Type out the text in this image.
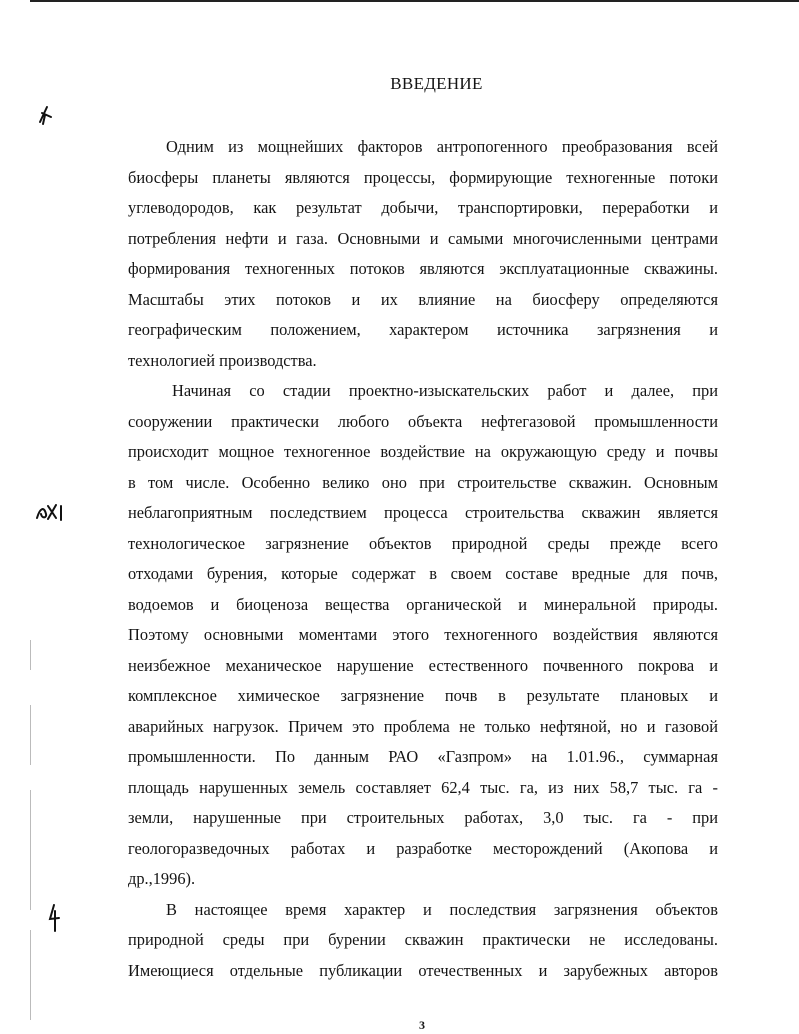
ВВЕДЕНИЕ
Одним из мощнейших факторов антропогенного преобразования всей
биосферы планеты являются процессы, формирующие техногенные потоки
углеводородов, как результат добычи, транспортировки, переработки и
потребления нефти и газа. Основными и самыми многочисленными центрами
формирования техногенных потоков являются эксплуатационные скважины.
Масштабы этих потоков и их влияние на биосферу определяются
географическим положением, характером источника загрязнения и
технологией производства.
Начиная со стадии проектно-изыскательских работ и далее, при
сооружении практически любого объекта нефтегазовой промышленности
происходит мощное техногенное воздействие на окружающую среду и почвы
в том числе. Особенно велико оно при строительстве скважин. Основным
неблагоприятным последствием процесса строительства скважин является
технологическое загрязнение объектов природной среды прежде всего
отходами бурения, которые содержат в своем составе вредные для почв,
водоемов и биоценоза вещества органической и минеральной природы.
Поэтому основными моментами этого техногенного воздействия являются
неизбежное механическое нарушение естественного почвенного покрова и
комплексное химическое загрязнение почв в результате плановых и
аварийных нагрузок. Причем это проблема не только нефтяной, но и газовой
промышленности. По данным РАО «Газпром» на 1.01.96., суммарная
площадь нарушенных земель составляет 62,4 тыс. га, из них 58,7 тыс. га -
земли, нарушенные при строительных работах, 3,0 тыс. га - при
геологоразведочных работах и разработке месторождений (Акопова и
др.,1996).
В настоящее время характер и последствия загрязнения объектов
природной среды при бурении скважин практически не исследованы.
Имеющиеся отдельные публикации отечественных и зарубежных авторов
3
